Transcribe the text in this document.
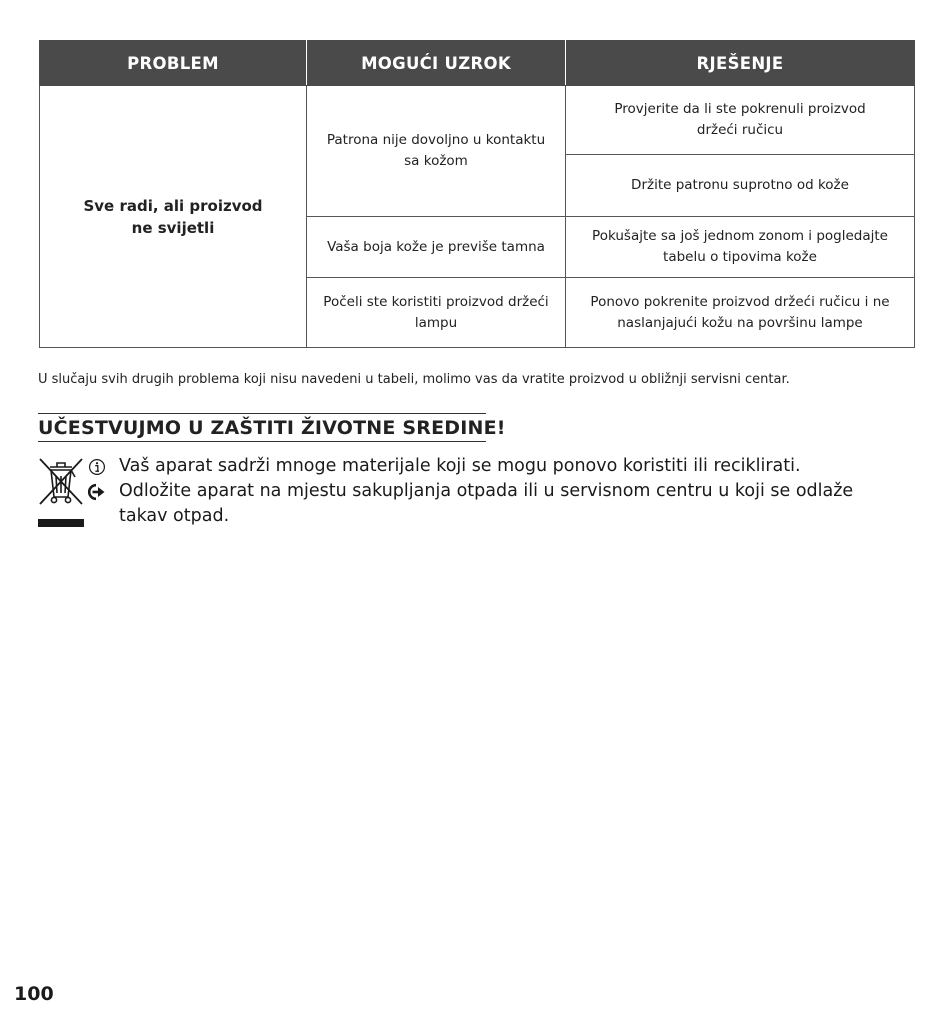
PROBLEM	MOGUĆI UZROK	RJEŠENJE
Sve radi, ali proizvod ne svijetli	Patrona nije dovoljno u kontaktu sa kožom	Provjerite da li ste pokrenuli proizvod držeći ručicu
		Držite patronu suprotno od kože
	Vaša boja kože je previše tamna	Pokušajte sa još jednom zonom i pogledajte tabelu o tipovima kože
	Počeli ste koristiti proizvod držeći lampu	Ponovo pokrenite proizvod držeći ručicu i ne naslanjajući kožu na površinu lampe
U slučaju svih drugih problema koji nisu navedeni u tabeli, molimo vas da vratite proizvod u obližnji servisni centar.
UČESTVUJMO U ZAŠTITI ŽIVOTNE SREDINE!
Vaš aparat sadrži mnoge materijale koji se mogu ponovo koristiti ili reciklirati.
Odložite aparat na mjestu sakupljanja otpada ili u servisnom centru u koji se odlaže takav otpad.
100
